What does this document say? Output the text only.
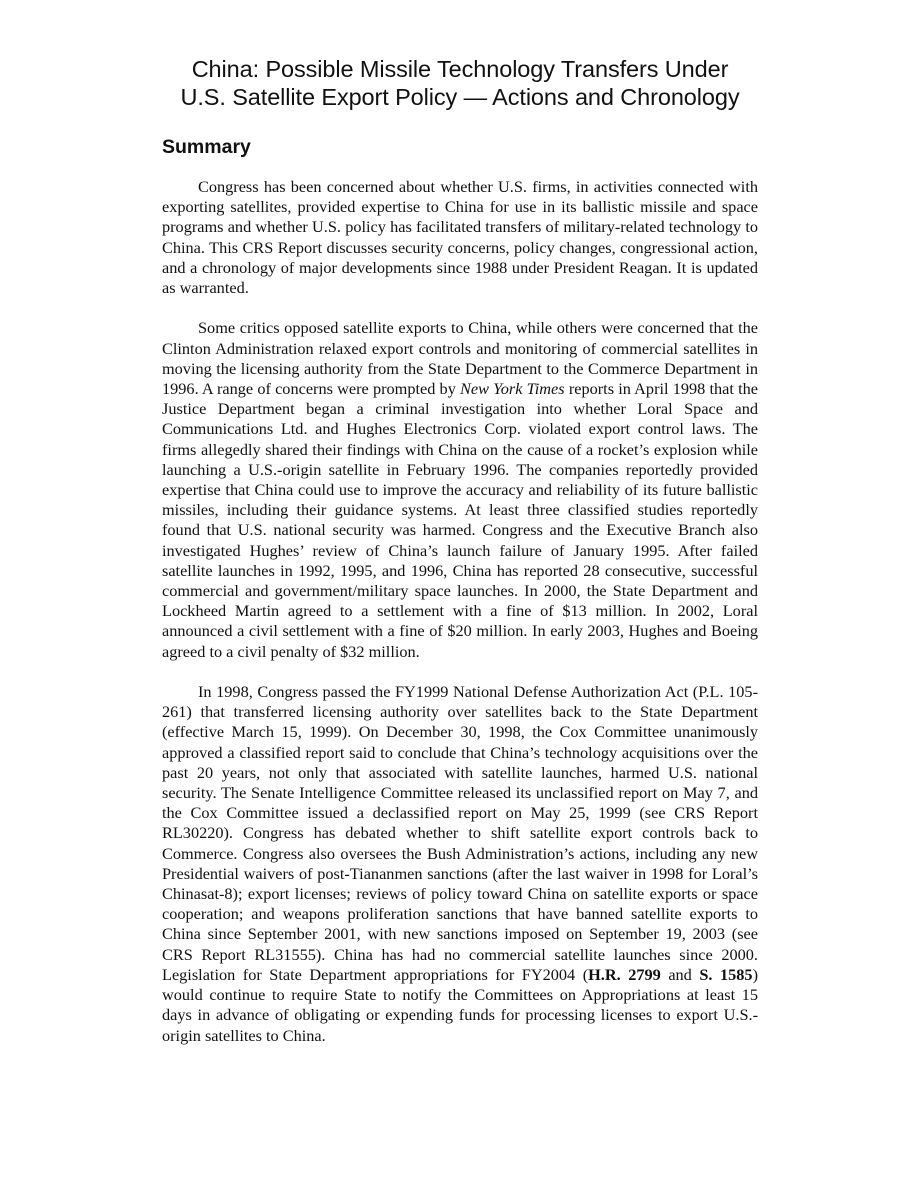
China: Possible Missile Technology Transfers Under
U.S. Satellite Export Policy — Actions and Chronology
Summary

Congress has been concerned about whether U.S. firms, in activities connected with exporting satellites, provided expertise to China for use in its ballistic missile and space programs and whether U.S. policy has facilitated transfers of military-related technology to China. This CRS Report discusses security concerns, policy changes, congressional action, and a chronology of major developments since 1988 under President Reagan. It is updated as warranted.

Some critics opposed satellite exports to China, while others were concerned that the Clinton Administration relaxed export controls and monitoring of commercial satellites in moving the licensing authority from the State Department to the Commerce Department in 1996. A range of concerns were prompted by New York Times reports in April 1998 that the Justice Department began a criminal investigation into whether Loral Space and Communications Ltd. and Hughes Electronics Corp. violated export control laws. The firms allegedly shared their findings with China on the cause of a rocket’s explosion while launching a U.S.-origin satellite in February 1996. The companies reportedly provided expertise that China could use to improve the accuracy and reliability of its future ballistic missiles, including their guidance systems. At least three classified studies reportedly found that U.S. national security was harmed. Congress and the Executive Branch also investigated Hughes’ review of China’s launch failure of January 1995. After failed satellite launches in 1992, 1995, and 1996, China has reported 28 consecutive, successful commercial and government/military space launches. In 2000, the State Department and Lockheed Martin agreed to a settlement with a fine of $13 million. In 2002, Loral announced a civil settlement with a fine of $20 million. In early 2003, Hughes and Boeing agreed to a civil penalty of $32 million.

In 1998, Congress passed the FY1999 National Defense Authorization Act (P.L. 105-261) that transferred licensing authority over satellites back to the State Department (effective March 15, 1999). On December 30, 1998, the Cox Committee unanimously approved a classified report said to conclude that China’s technology acquisitions over the past 20 years, not only that associated with satellite launches, harmed U.S. national security. The Senate Intelligence Committee released its unclassified report on May 7, and the Cox Committee issued a declassified report on May 25, 1999 (see CRS Report RL30220). Congress has debated whether to shift satellite export controls back to Commerce. Congress also oversees the Bush Administration’s actions, including any new Presidential waivers of post-Tiananmen sanctions (after the last waiver in 1998 for Loral’s Chinasat-8); export licenses; reviews of policy toward China on satellite exports or space cooperation; and weapons proliferation sanctions that have banned satellite exports to China since September 2001, with new sanctions imposed on September 19, 2003 (see CRS Report RL31555). China has had no commercial satellite launches since 2000. Legislation for State Department appropriations for FY2004 (H.R. 2799 and S. 1585) would continue to require State to notify the Committees on Appropriations at least 15 days in advance of obligating or expending funds for processing licenses to export U.S.-origin satellites to China.
